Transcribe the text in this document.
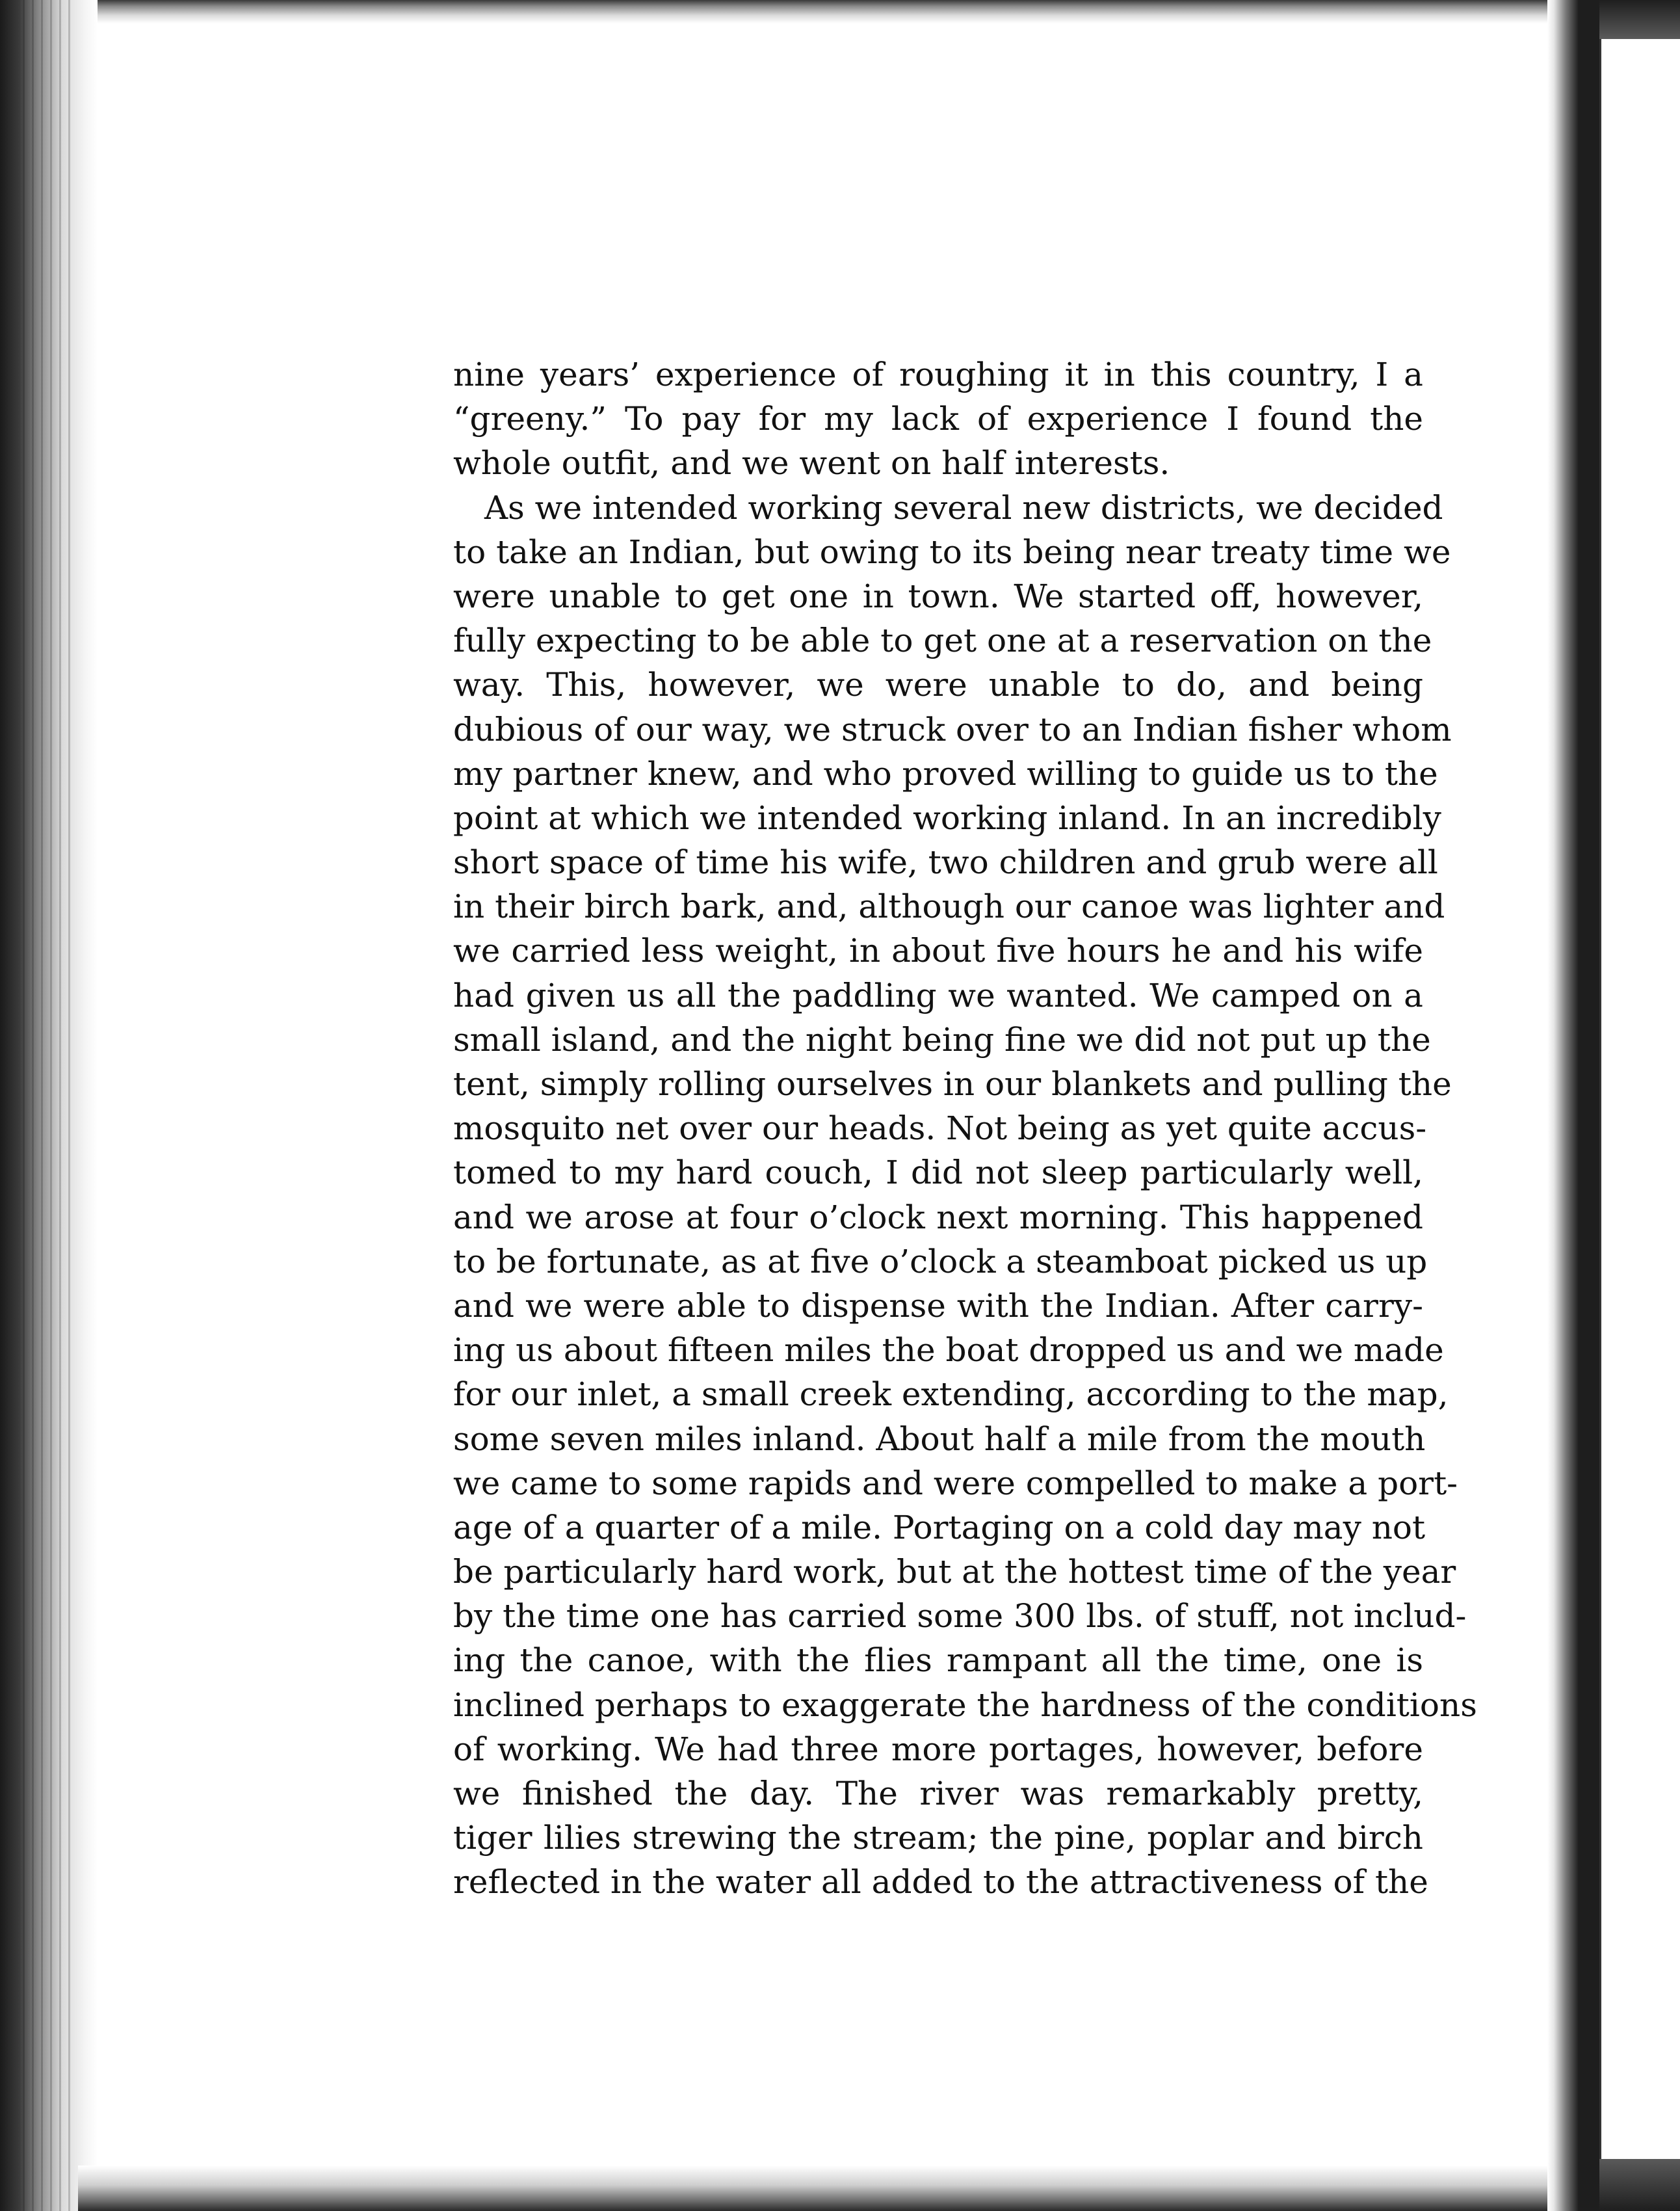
nine years’ experience of roughing it in this country, I a
“greeny.” To pay for my lack of experience I found the
whole outfit, and we went on half interests.
As we intended working several new districts, we decided
to take an Indian, but owing to its being near treaty time we
were unable to get one in town. We started off, however,
fully expecting to be able to get one at a reservation on the
way. This, however, we were unable to do, and being
dubious of our way, we struck over to an Indian fisher whom
my partner knew, and who proved willing to guide us to the
point at which we intended working inland. In an incredibly
short space of time his wife, two children and grub were all
in their birch bark, and, although our canoe was lighter and
we carried less weight, in about five hours he and his wife
had given us all the paddling we wanted. We camped on a
small island, and the night being fine we did not put up the
tent, simply rolling ourselves in our blankets and pulling the
mosquito net over our heads. Not being as yet quite accus-
tomed to my hard couch, I did not sleep particularly well,
and we arose at four o’clock next morning. This happened
to be fortunate, as at five o’clock a steamboat picked us up
and we were able to dispense with the Indian. After carry-
ing us about fifteen miles the boat dropped us and we made
for our inlet, a small creek extending, according to the map,
some seven miles inland. About half a mile from the mouth
we came to some rapids and were compelled to make a port-
age of a quarter of a mile. Portaging on a cold day may not
be particularly hard work, but at the hottest time of the year
by the time one has carried some 300 lbs. of stuff, not includ-
ing the canoe, with the flies rampant all the time, one is
inclined perhaps to exaggerate the hardness of the conditions
of working. We had three more portages, however, before
we finished the day. The river was remarkably pretty,
tiger lilies strewing the stream; the pine, poplar and birch
reflected in the water all added to the attractiveness of the
